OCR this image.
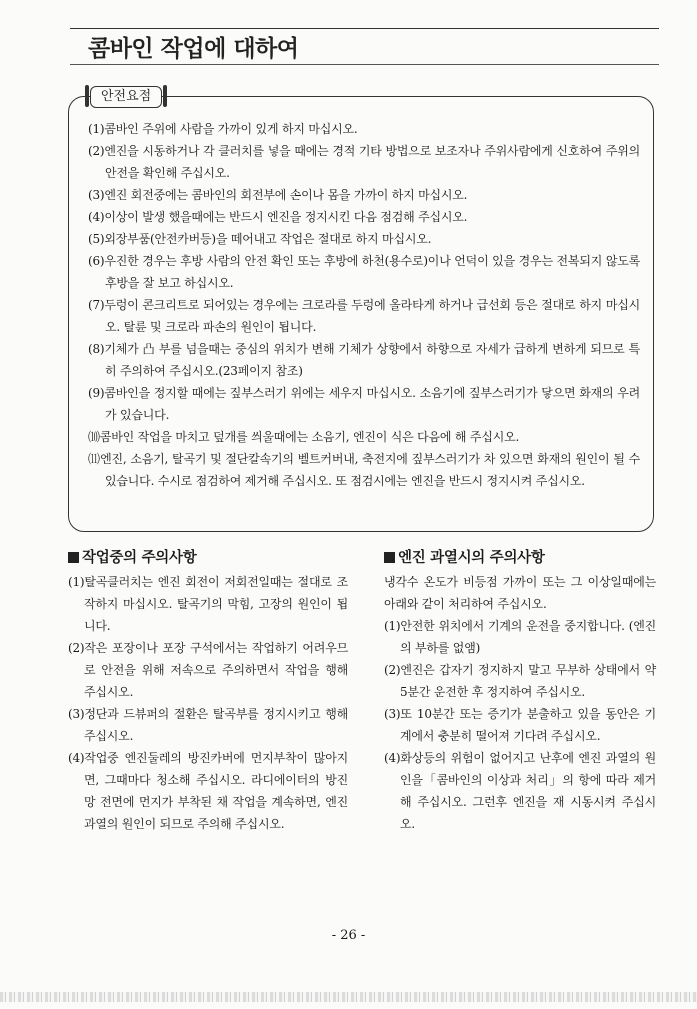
콤바인 작업에 대하여
안전요점
(1)콤바인 주위에 사람을 가까이 있게 하지 마십시오.
(2)엔진을 시동하거나 각 클러치를 넣을 때에는 경적 기타 방법으로 보조자나 주위사람에게 신호하여 주위의 안전을 확인해 주십시오.
(3)엔진 회전중에는 콤바인의 회전부에 손이나 몸을 가까이 하지 마십시오.
(4)이상이 발생 했을때에는 반드시 엔진을 정지시킨 다음 점검해 주십시오.
(5)외장부품(안전카버등)을 떼어내고 작업은 절대로 하지 마십시오.
(6)우진한 경우는 후방 사람의 안전 확인 또는 후방에 하천(용수로)이나 언덕이 있을 경우는 전복되지 않도록 후방을 잘 보고 하십시오.
(7)두렁이 콘크리트로 되어있는 경우에는 크로라를 두렁에 올라타게 하거나 급선회 등은 절대로 하지 마십시오. 탈륜 및 크로라 파손의 원인이 됩니다.
(8)기체가 凸 부를 넘을때는 중심의 위치가 변해 기체가 상향에서 하향으로 자세가 급하게 변하게 되므로 특히 주의하여 주십시오.(23페이지 참조)
(9)콤바인을 정지할 때에는 짚부스러기 위에는 세우지 마십시오. 소음기에 짚부스러기가 닿으면 화재의 우려가 있습니다.
⑽콤바인 작업을 마치고 덮개를 씌울때에는 소음기, 엔진이 식은 다음에 해 주십시오.
⑾엔진, 소음기, 탈곡기 및 절단칼속기의 벨트커버내, 축전지에 짚부스러기가 차 있으면 화재의 원인이 될 수 있습니다. 수시로 점검하여 제거해 주십시오. 또 점검시에는 엔진을 반드시 정지시켜 주십시오.
작업중의 주의사항
(1)탈곡클러치는 엔진 회전이 저회전일때는 절대로 조작하지 마십시오. 탈곡기의 막힘, 고장의 원인이 됩니다.
(2)작은 포장이나 포장 구석에서는 작업하기 어려우므로 안전을 위해 저속으로 주의하면서 작업을 행해 주십시오.
(3)정단과 드뷰퍼의 절환은 탈곡부를 정지시키고 행해주십시오.
(4)작업중 엔진둘레의 방진카버에 먼지부착이 많아지면, 그때마다 청소해 주십시오. 라디에이터의 방진망 전면에 먼지가 부착된 채 작업을 계속하면, 엔진과열의 원인이 되므로 주의해 주십시오.
엔진 과열시의 주의사항

냉각수 온도가 비등점 가까이 또는 그 이상일때에는 아래와 같이 처리하여 주십시오.

(1)안전한 위치에서 기계의 운전을 중지합니다. (엔진의 부하를 없앰)
(2)엔진은 갑자기 정지하지 말고 무부하 상태에서 약 5분간 운전한 후 정지하여 주십시오.
(3)또 10분간 또는 증기가 분출하고 있을 동안은 기계에서 충분히 떨어져 기다려 주십시오.
(4)화상등의 위험이 없어지고 난후에 엔진 과열의 원인을「콤바인의 이상과 처리」의 항에 따라 제거해 주십시오. 그런후 엔진을 재 시동시켜 주십시오.
- 26 -
